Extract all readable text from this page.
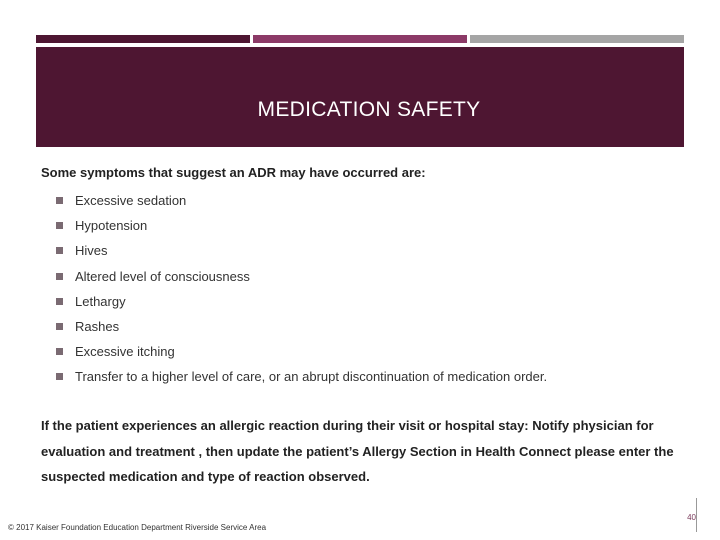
MEDICATION SAFETY
Some symptoms that suggest an ADR may have occurred are:
Excessive sedation
Hypotension
Hives
Altered level of consciousness
Lethargy
Rashes
Excessive itching
Transfer to a higher level of care, or an abrupt discontinuation of medication order.
If the patient experiences an allergic reaction during their visit or hospital stay: Notify physician for evaluation and treatment , then update the patient’s Allergy Section in Health Connect please enter the suspected medication and type of reaction observed.
© 2017 Kaiser Foundation Education Department Riverside Service Area
40
